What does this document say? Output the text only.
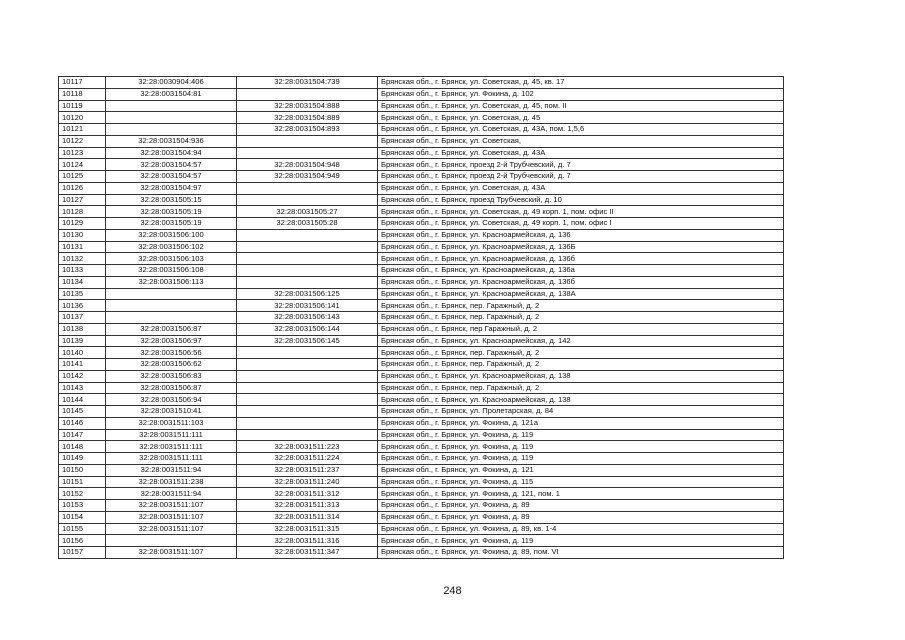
10117	32:28:0030904:406	32:28:0031504:739	Брянская обл., г. Брянск, ул. Советская, д. 45, кв. 17
10118	32:28:0031504:81		Брянская обл., г. Брянск, ул. Фокина, д. 102
10119		32:28:0031504:888	Брянская обл., г. Брянск, ул. Советская, д. 45, пом. II
10120		32:28:0031504:889	Брянская обл., г. Брянск, ул. Советская, д. 45
10121		32:28:0031504:893	Брянская обл., г. Брянск, ул. Советская, д. 43А, пом. 1,5,6
10122	32:28:0031504:936		Брянская обл., г. Брянск, ул. Советская,
10123	32:28:0031504:94		Брянская обл., г. Брянск, ул. Советская, д. 43А
10124	32:28:0031504:57	32:28:0031504:948	Брянская обл., г. Брянск, проезд 2-й Трубчевский, д. 7
10125	32:28:0031504:57	32:28:0031504:949	Брянская обл., г. Брянск, проезд 2-й Трубчевский, д. 7
10126	32:28:0031504:97		Брянская обл., г. Брянск, ул. Советская, д. 43А
10127	32:28:0031505:15		Брянская обл., г. Брянск, проезд Трубчевский, д. 10
10128	32:28:0031505:19	32:28:0031505:27	Брянская обл., г. Брянск, ул. Советская, д. 49 корп. 1, пом. офис II
10129	32:28:0031505:19	32:28:0031505:28	Брянская обл., г. Брянск, ул. Советская, д. 49 корп. 1, пом. офис I
10130	32:28:0031506:100		Брянская обл., г. Брянск, ул. Красноармейская, д. 136
10131	32:28:0031506:102		Брянская обл., г. Брянск, ул. Красноармейская, д. 136Б
10132	32:28:0031506:103		Брянская обл., г. Брянск, ул. Красноармейская, д. 136б
10133	32:28:0031506:108		Брянская обл., г. Брянск, ул. Красноармейская, д. 136а
10134	32:28:0031506:113		Брянская обл., г. Брянск, ул. Красноармейская, д. 136б
10135		32:28:0031506:125	Брянская обл., г. Брянск, ул. Красноармейская, д. 138А
10136		32:28:0031506:141	Брянская обл., г. Брянск, пер. Гаражный, д. 2
10137		32:28:0031506:143	Брянская обл., г. Брянск, пер. Гаражный, д. 2
10138	32:28:0031506:87	32:28:0031506:144	Брянская обл., г. Брянск, пер Гаражный, д. 2
10139	32:28:0031506:97	32:28:0031506:145	Брянская обл., г. Брянск, ул. Красноармейская, д. 142
10140	32:28:0031506:56		Брянская обл., г. Брянск, пер. Гаражный, д. 2
10141	32:28:0031506:62		Брянская обл., г. Брянск, пер. Гаражный, д. 2
10142	32:28:0031506:83		Брянская обл., г. Брянск, ул. Красноармейская, д. 138
10143	32:28:0031506:87		Брянская обл., г. Брянск, пер. Гаражный, д. 2
10144	32:28:0031506:94		Брянская обл., г. Брянск, ул. Красноармейская, д. 138
10145	32:28:0031510:41		Брянская обл., г. Брянск, ул. Пролетарская, д. 84
10146	32:28:0031511:103		Брянская обл., г. Брянск, ул. Фокина, д. 121а
10147	32:28:0031511:111		Брянская обл., г. Брянск, ул. Фокина, д. 119
10148	32:28:0031511:111	32:28:0031511:223	Брянская обл., г. Брянск, ул. Фокина, д. 119
10149	32:28:0031511:111	32:28:0031511:224	Брянская обл., г. Брянск, ул. Фокина, д. 119
10150	32:28:0031511:94	32:28:0031511:237	Брянская обл., г. Брянск, ул. Фокина, д. 121
10151	32:28:0031511:238	32:28:0031511:240	Брянская обл., г. Брянск, ул. Фокина, д. 115
10152	32:28:0031511:94	32:28:0031511:312	Брянская обл., г. Брянск, ул. Фокина, д. 121, пом. 1
10153	32:28:0031511:107	32:28:0031511:313	Брянская обл., г. Брянск, ул. Фокина, д. 89
10154	32:28:0031511:107	32:28:0031511:314	Брянская обл., г. Брянск, ул. Фокина, д. 89
10155	32:28:0031511:107	32:28:0031511:315	Брянская обл., г. Брянск, ул. Фокина, д. 89, кв. 1-4
10156		32:28:0031511:316	Брянская обл., г. Брянск, ул. Фокина, д. 119
10157	32:28:0031511:107	32:28:0031511:347	Брянская обл., г. Брянск, ул. Фокина, д. 89, пом. VI
248
